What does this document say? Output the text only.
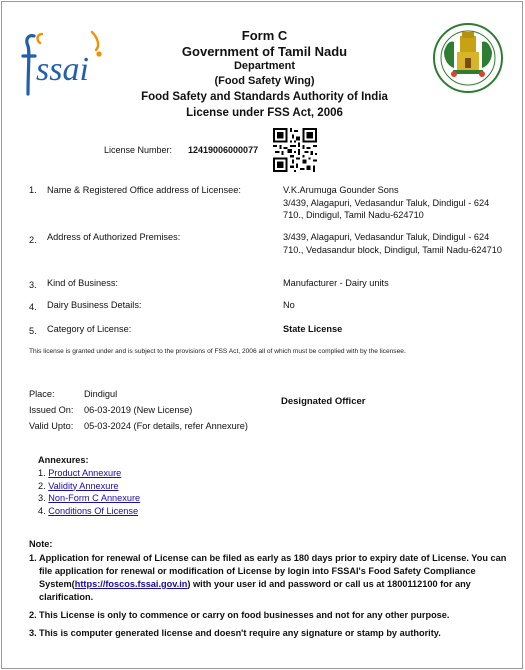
ssai
Form C
Government of Tamil Nadu
Department
(Food Safety Wing)
Food Safety and Standards Authority of India
License under FSS Act, 2006
License Number: 12419006000077
1. Name & Registered Office address of Licensee:	V.K.Arumuga Gounder Sons
3/439, Alagapuri, Vedasandur Taluk, Dindigul - 624 710., Dindigul, Tamil Nadu-624710
2. Address of Authorized Premises:	3/439, Alagapuri, Vedasandur Taluk, Dindigul - 624 710., Vedasandur block, Dindigul, Tamil Nadu-624710
3. Kind of Business:	Manufacturer - Dairy units
4. Dairy Business Details:	No
5. Category of License:	State License
This license is granted under and is subject to the provisions of FSS Act, 2006 all of which must be complied with by the licensee.
Place:	Dindigul
Issued On: 06-03-2019 (New License)
Valid Upto: 05-03-2024 (For details, refer Annexure)
Designated Officer
Annexures:
1. Product Annexure
2. Validity Annexure
3. Non-Form C Annexure
4. Conditions Of License
Note:
1. Application for renewal of License can be filed as early as 180 days prior to expiry date of License. You can file application for renewal or modification of License by login into FSSAI's Food Safety Compliance System(https://foscos.fssai.gov.in) with your user id and password or call us at 1800112100 for any clarification.
2. This License is only to commence or carry on food businesses and not for any other purpose.
3. This is computer generated license and doesn't require any signature or stamp by authority.
